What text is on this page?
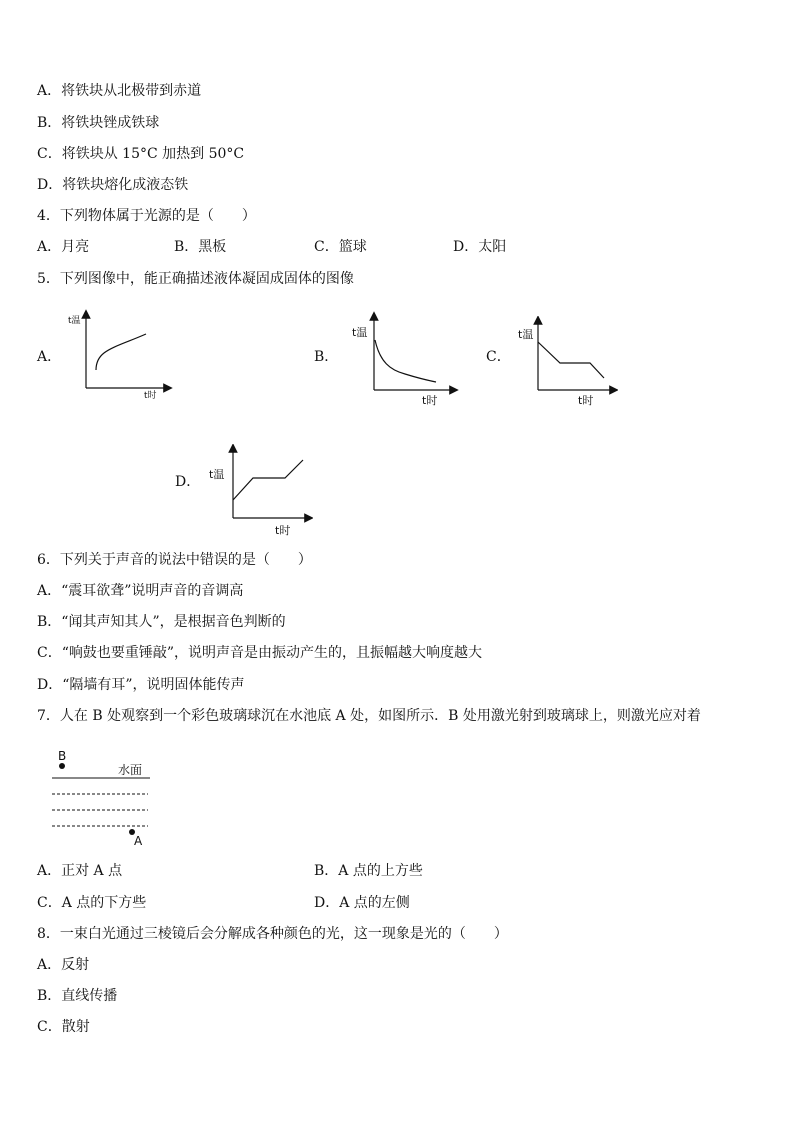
A．将铁块从北极带到赤道
B．将铁块锉成铁球
C．将铁块从 15°C 加热到 50°C
D．将铁块熔化成液态铁
4．下列物体属于光源的是（　　）
A．月亮	B．黑板	C．篮球	D．太阳
5．下列图像中，能正确描述液体凝固成固体的图像
A．
t温
t时
B．
t温
t时
C．
t温
t时
D． t温
t时
6．下列关于声音的说法中错误的是（　　）
A．“震耳欲聋”说明声音的音调高
B．“闻其声知其人”，是根据音色判断的
C．“响鼓也要重锤敲”，说明声音是由振动产生的，且振幅越大响度越大
D．“隔墙有耳”，说明固体能传声
7．人在 B 处观察到一个彩色玻璃球沉在水池底 A 处，如图所示．B 处用激光射到玻璃球上，则激光应对着
B
水面
A
A．正对 A 点	B．A 点的上方些
C．A 点的下方些	D．A 点的左侧
8．一束白光通过三棱镜后会分解成各种颜色的光，这一现象是光的（　　）
A．反射
B．直线传播
C．散射
